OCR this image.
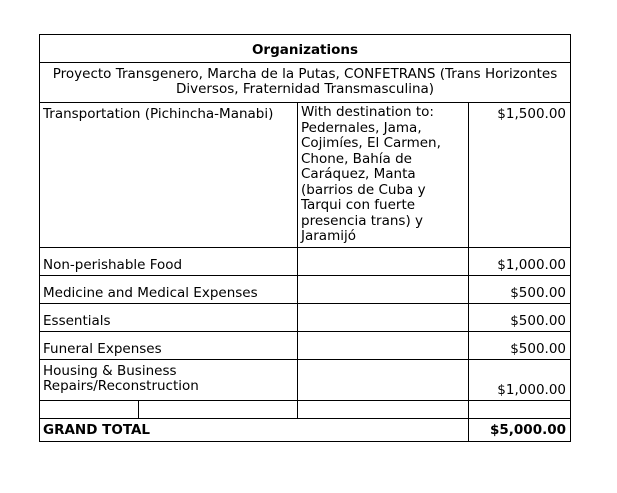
Organizations		
Proyecto Transgenero, Marcha de la Putas, CONFETRANS (Trans Horizontes Diversos, Fraternidad Transmasculina)		
Transportation (Pichincha-Manabi)	With destination to: Pedernales, Jama, Cojimíes, El Carmen, Chone, Bahía de Caráquez, Manta (barrios de Cuba y Tarqui con fuerte presencia trans) y Jaramijó	$1,500.00
Non-perishable Food		$1,000.00
Medicine and Medical Expenses		$500.00
Essentials		$500.00
Funeral Expenses		$500.00
Housing & Business Repairs/Reconstruction		$1,000.00

GRAND TOTAL		$5,000.00
